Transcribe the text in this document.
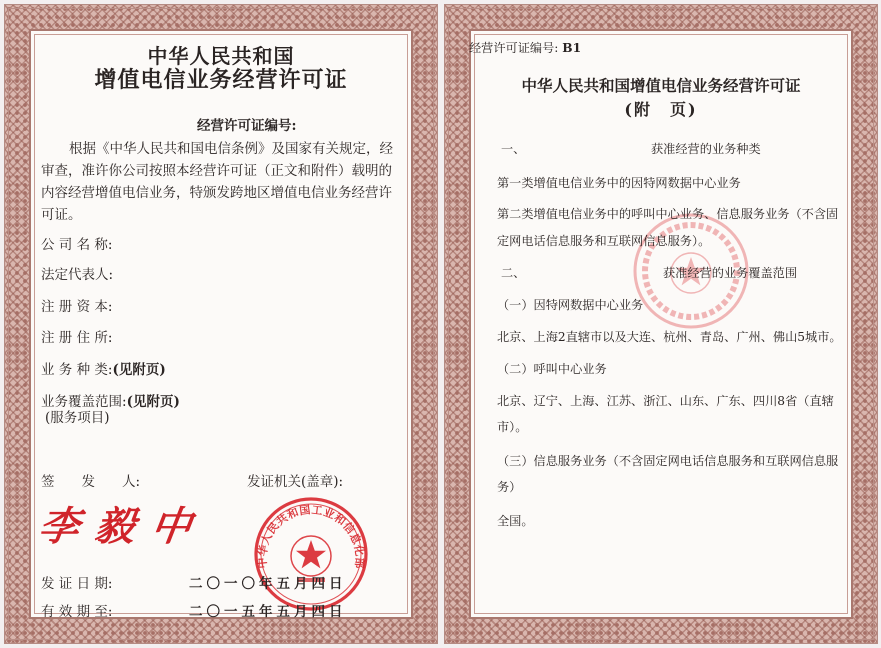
中华人民共和国
增值电信业务经营许可证
经营许可证编号:
根据《中华人民共和国电信条例》及国家有关规定，经
审查，准许你公司按照本经营许可证（正文和附件）载明的
内容经营增值电信业务，特颁发跨地区增值电信业务经营许
可证。
公 司 名 称:
法定代表人:
注 册 资 本:
注 册 住 所:
业 务 种 类:(见附页)
业务覆盖范围:(见附页)
(服务项目)
签　　发　　人:	发证机关(盖章):
李毅中
中华人民共和国工业和信息化部
发 证 日 期:	二〇一〇年五月四日
有 效 期 至:	二〇一五年五月四日
经营许可证编号: B1
中华人民共和国增值电信业务经营许可证
(附　页)
一、	获准经营的业务种类
第一类增值电信业务中的因特网数据中心业务
第二类增值电信业务中的呼叫中心业务、信息服务业务（不含固
定网电话信息服务和互联网信息服务）。
二、	获准经营的业务覆盖范围
（一）因特网数据中心业务
北京、上海2直辖市以及大连、杭州、青岛、广州、佛山5城市。
（二）呼叫中心业务
北京、辽宁、上海、江苏、浙江、山东、广东、四川8省（直辖
市）。
（三）信息服务业务（不含固定网电话信息服务和互联网信息服
务）
全国。
